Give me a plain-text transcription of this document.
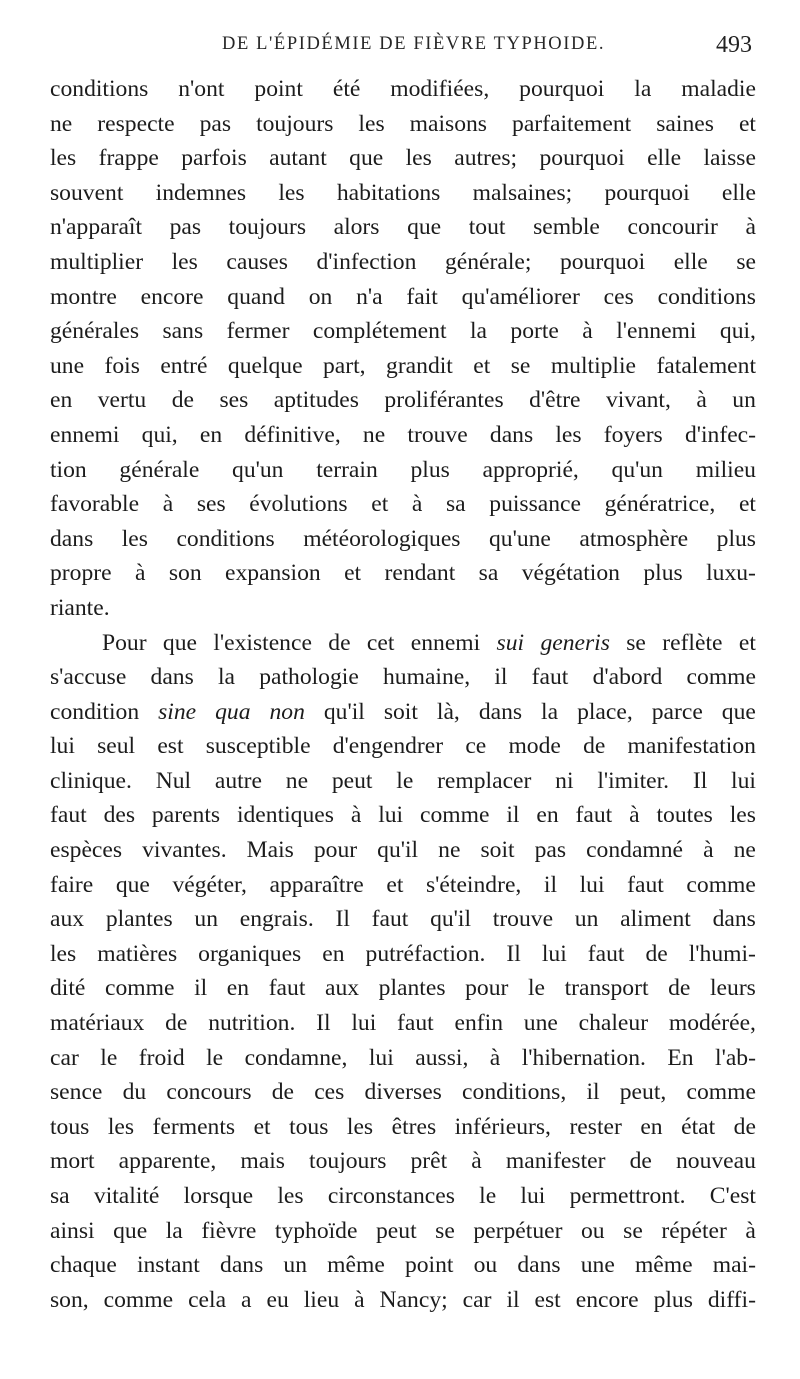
DE L'ÉPIDÉMIE DE FIÈVRE TYPHOIDE.	493
conditions n'ont point été modifiées, pourquoi la maladie
ne respecte pas toujours les maisons parfaitement saines et
les frappe parfois autant que les autres; pourquoi elle laisse
souvent indemnes les habitations malsaines; pourquoi elle
n'apparaît pas toujours alors que tout semble concourir à
multiplier les causes d'infection générale; pourquoi elle se
montre encore quand on n'a fait qu'améliorer ces conditions
générales sans fermer complétement la porte à l'ennemi qui,
une fois entré quelque part, grandit et se multiplie fatalement
en vertu de ses aptitudes proliférantes d'être vivant, à un
ennemi qui, en définitive, ne trouve dans les foyers d'infec-
tion générale qu'un terrain plus approprié, qu'un milieu
favorable à ses évolutions et à sa puissance génératrice, et
dans les conditions météorologiques qu'une atmosphère plus
propre à son expansion et rendant sa végétation plus luxu-
riante.
Pour que l'existence de cet ennemi sui generis se reflète et
s'accuse dans la pathologie humaine, il faut d'abord comme
condition sine qua non qu'il soit là, dans la place, parce que
lui seul est susceptible d'engendrer ce mode de manifestation
clinique. Nul autre ne peut le remplacer ni l'imiter. Il lui
faut des parents identiques à lui comme il en faut à toutes les
espèces vivantes. Mais pour qu'il ne soit pas condamné à ne
faire que végéter, apparaître et s'éteindre, il lui faut comme
aux plantes un engrais. Il faut qu'il trouve un aliment dans
les matières organiques en putréfaction. Il lui faut de l'humi-
dité comme il en faut aux plantes pour le transport de leurs
matériaux de nutrition. Il lui faut enfin une chaleur modérée,
car le froid le condamne, lui aussi, à l'hibernation. En l'ab-
sence du concours de ces diverses conditions, il peut, comme
tous les ferments et tous les êtres inférieurs, rester en état de
mort apparente, mais toujours prêt à manifester de nouveau
sa vitalité lorsque les circonstances le lui permettront. C'est
ainsi que la fièvre typhoïde peut se perpétuer ou se répéter à
chaque instant dans un même point ou dans une même mai-
son, comme cela a eu lieu à Nancy; car il est encore plus diffi-
